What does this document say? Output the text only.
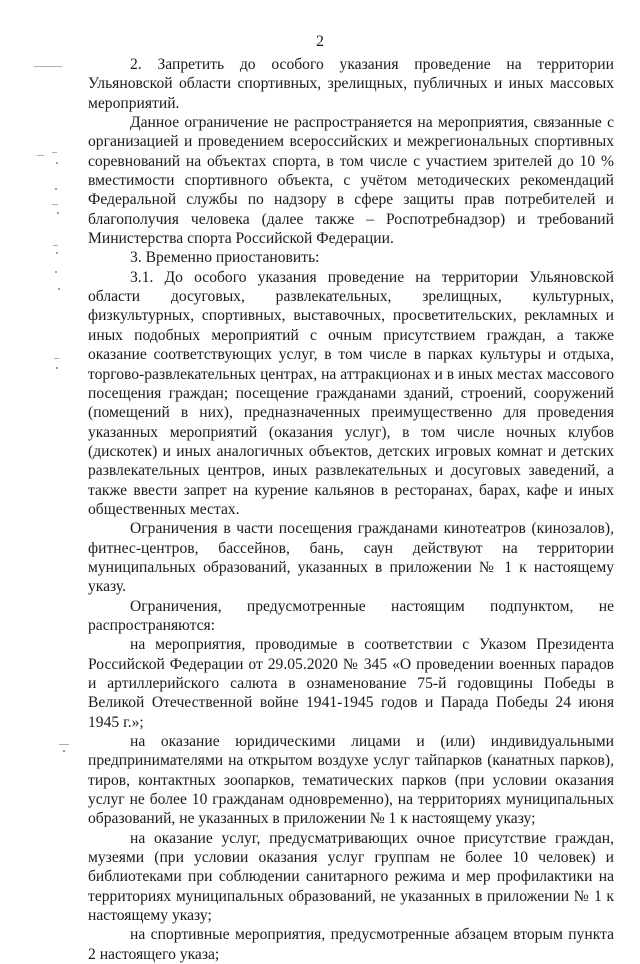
2

2. Запретить до особого указания проведение на территории Ульяновской области спортивных, зрелищных, публичных и иных массовых мероприятий.

Данное ограничение не распространяется на мероприятия, связанные с организацией и проведением всероссийских и межрегиональных спортивных соревнований на объектах спорта, в том числе с участием зрителей до 10 % вместимости спортивного объекта, с учётом методических рекомендаций Федеральной службы по надзору в сфере защиты прав потребителей и благополучия человека (далее также – Роспотребнадзор) и требований Министерства спорта Российской Федерации.

3. Временно приостановить:

3.1. До особого указания проведение на территории Ульяновской области досуговых, развлекательных, зрелищных, культурных, физкультурных, спортивных, выставочных, просветительских, рекламных и иных подобных мероприятий с очным присутствием граждан, а также оказание соответствующих услуг, в том числе в парках культуры и отдыха, торгово-развлекательных центрах, на аттракционах и в иных местах массового посещения граждан; посещение гражданами зданий, строений, сооружений (помещений в них), предназначенных преимущественно для проведения указанных мероприятий (оказания услуг), в том числе ночных клубов (дискотек) и иных аналогичных объектов, детских игровых комнат и детских развлекательных центров, иных развлекательных и досуговых заведений, а также ввести запрет на курение кальянов в ресторанах, барах, кафе и иных общественных местах.

Ограничения в части посещения гражданами кинотеатров (кинозалов), фитнес-центров, бассейнов, бань, саун действуют на территории муниципальных образований, указанных в приложении № 1 к настоящему указу.

Ограничения, предусмотренные настоящим подпунктом, не распространяются:

на мероприятия, проводимые в соответствии с Указом Президента Российской Федерации от 29.05.2020 № 345 «О проведении военных парадов и артиллерийского салюта в ознаменование 75-й годовщины Победы в Великой Отечественной войне 1941-1945 годов и Парада Победы 24 июня 1945 г.»;

на оказание юридическими лицами и (или) индивидуальными предпринимателями на открытом воздухе услуг тайпарков (канатных парков), тиров, контактных зоопарков, тематических парков (при условии оказания услуг не более 10 гражданам одновременно), на территориях муниципальных образований, не указанных в приложении № 1 к настоящему указу;

на оказание услуг, предусматривающих очное присутствие граждан, музеями (при условии оказания услуг группам не более 10 человек) и библиотеками при соблюдении санитарного режима и мер профилактики на территориях муниципальных образований, не указанных в приложении № 1 к настоящему указу;

на спортивные мероприятия, предусмотренные абзацем вторым пункта 2 настоящего указа;
